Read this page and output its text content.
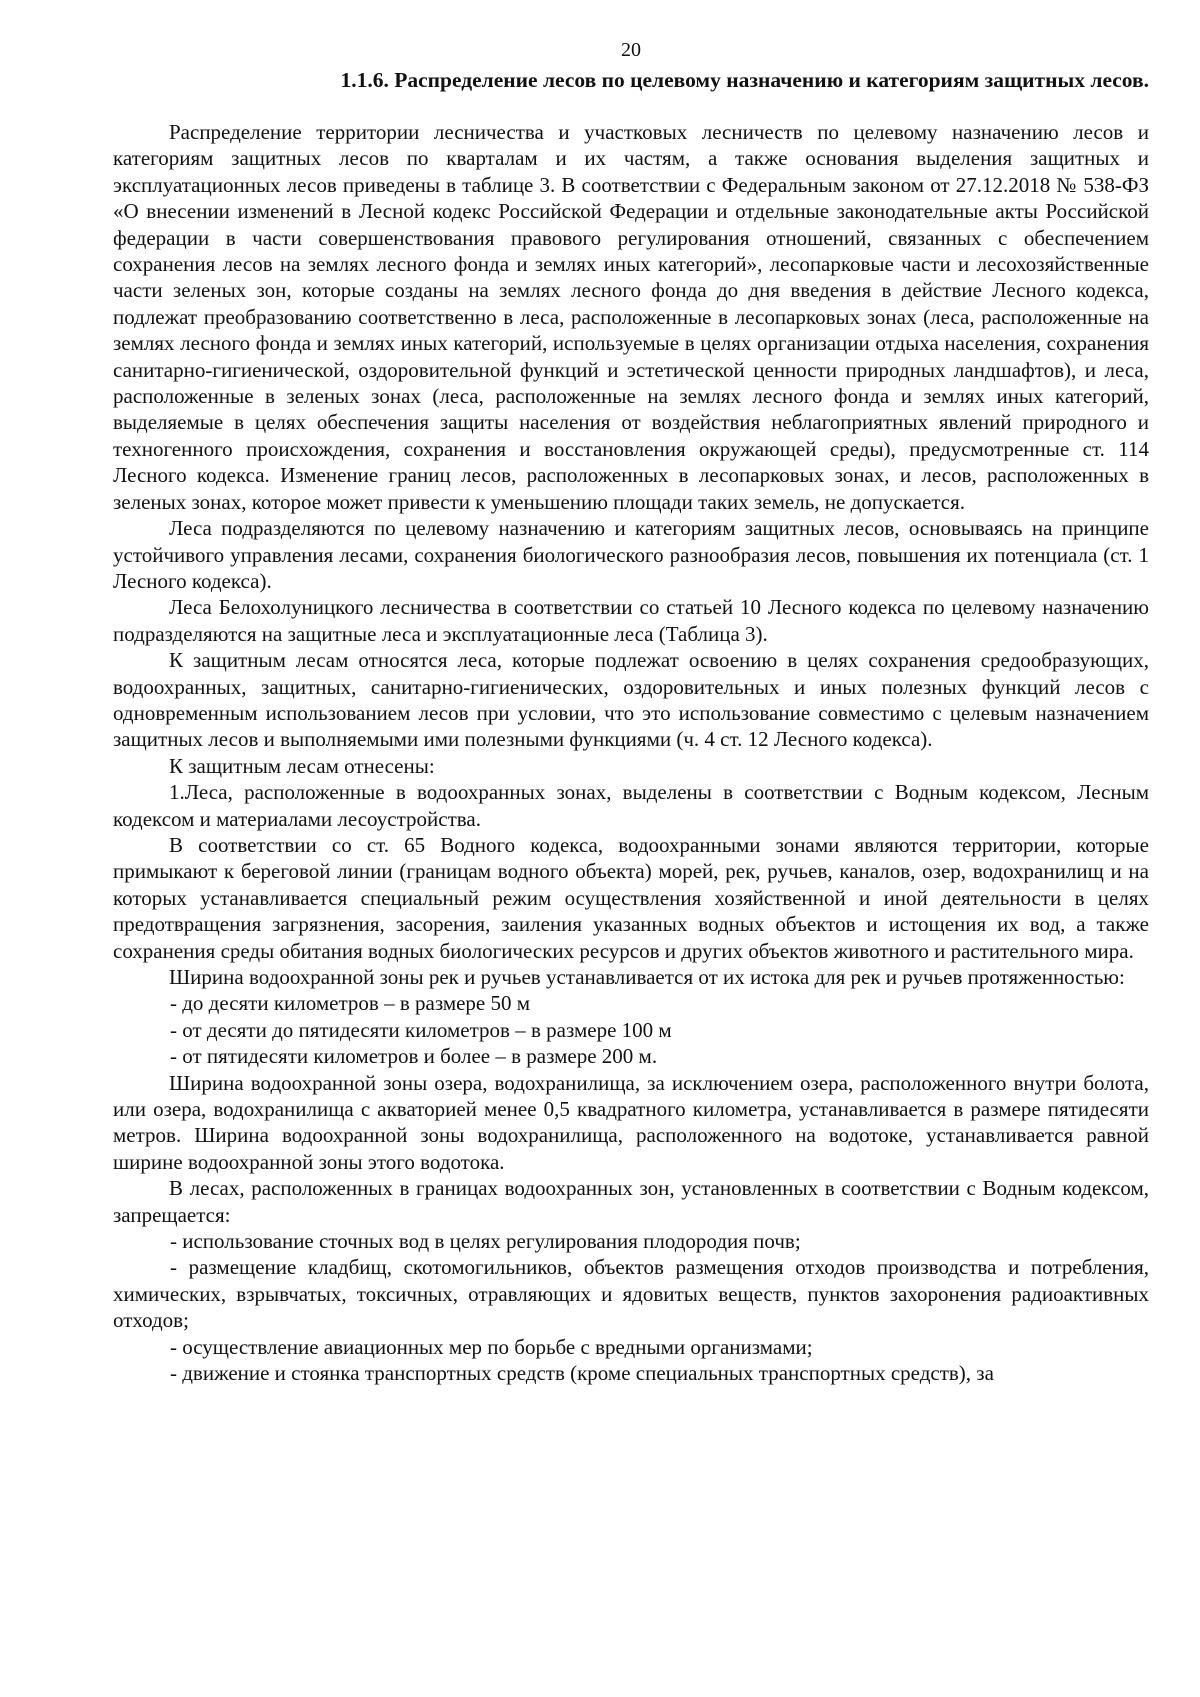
20
1.1.6. Распределение лесов по целевому назначению и категориям защитных лесов.

Распределение территории лесничества и участковых лесничеств по целевому назначению лесов и категориям защитных лесов по кварталам и их частям, а также основания выделения защитных и эксплуатационных лесов приведены в таблице 3. В соответствии с Федеральным законом от 27.12.2018 № 538-ФЗ «О внесении изменений в Лесной кодекс Российской Федерации и отдельные законодательные акты Российской федерации в части совершенствования правового регулирования отношений, связанных с обеспечением сохранения лесов на землях лесного фонда и землях иных категорий», лесопарковые части и лесохозяйственные части зеленых зон, которые созданы на землях лесного фонда до дня введения в действие Лесного кодекса, подлежат преобразованию соответственно в леса, расположенные в лесопарковых зонах (леса, расположенные на землях лесного фонда и землях иных категорий, используемые в целях организации отдыха населения, сохранения санитарно-гигиенической, оздоровительной функций и эстетической ценности природных ландшафтов), и леса, расположенные в зеленых зонах (леса, расположенные на землях лесного фонда и землях иных категорий, выделяемые в целях обеспечения защиты населения от воздействия неблагоприятных явлений природного и техногенного происхождения, сохранения и восстановления окружающей среды), предусмотренные ст. 114 Лесного кодекса. Изменение границ лесов, расположенных в лесопарковых зонах, и лесов, расположенных в зеленых зонах, которое может привести к уменьшению площади таких земель, не допускается.

Леса подразделяются по целевому назначению и категориям защитных лесов, основываясь на принципе устойчивого управления лесами, сохранения биологического разнообразия лесов, повышения их потенциала (ст. 1 Лесного кодекса).

Леса Белохолуницкого лесничества в соответствии со статьей 10 Лесного кодекса по целевому назначению подразделяются на защитные леса и эксплуатационные леса (Таблица 3).

К защитным лесам относятся леса, которые подлежат освоению в целях сохранения средообразующих, водоохранных, защитных, санитарно-гигиенических, оздоровительных и иных полезных функций лесов с одновременным использованием лесов при условии, что это использование совместимо с целевым назначением защитных лесов и выполняемыми ими полезными функциями (ч. 4 ст. 12 Лесного кодекса).

К защитным лесам отнесены:

1.Леса, расположенные в водоохранных зонах, выделены в соответствии с Водным кодексом, Лесным кодексом и материалами лесоустройства.

В соответствии со ст. 65 Водного кодекса, водоохранными зонами являются территории, которые примыкают к береговой линии (границам водного объекта) морей, рек, ручьев, каналов, озер, водохранилищ и на которых устанавливается специальный режим осуществления хозяйственной и иной деятельности в целях предотвращения загрязнения, засорения, заиления указанных водных объектов и истощения их вод, а также сохранения среды обитания водных биологических ресурсов и других объектов животного и растительного мира.

Ширина водоохранной зоны рек и ручьев устанавливается от их истока для рек и ручьев протяженностью:

- до десяти километров – в размере 50 м

- от десяти до пятидесяти километров – в размере 100 м

- от пятидесяти километров и более – в размере 200 м.

Ширина водоохранной зоны озера, водохранилища, за исключением озера, расположенного внутри болота, или озера, водохранилища с акваторией менее 0,5 квадратного километра, устанавливается в размере пятидесяти метров. Ширина водоохранной зоны водохранилища, расположенного на водотоке, устанавливается равной ширине водоохранной зоны этого водотока.

В лесах, расположенных в границах водоохранных зон, установленных в соответствии с Водным кодексом, запрещается:

- использование сточных вод в целях регулирования плодородия почв;

- размещение кладбищ, скотомогильников, объектов размещения отходов производства и потребления, химических, взрывчатых, токсичных, отравляющих и ядовитых веществ, пунктов захоронения радиоактивных отходов;

- осуществление авиационных мер по борьбе с вредными организмами;

- движение и стоянка транспортных средств (кроме специальных транспортных средств), за
